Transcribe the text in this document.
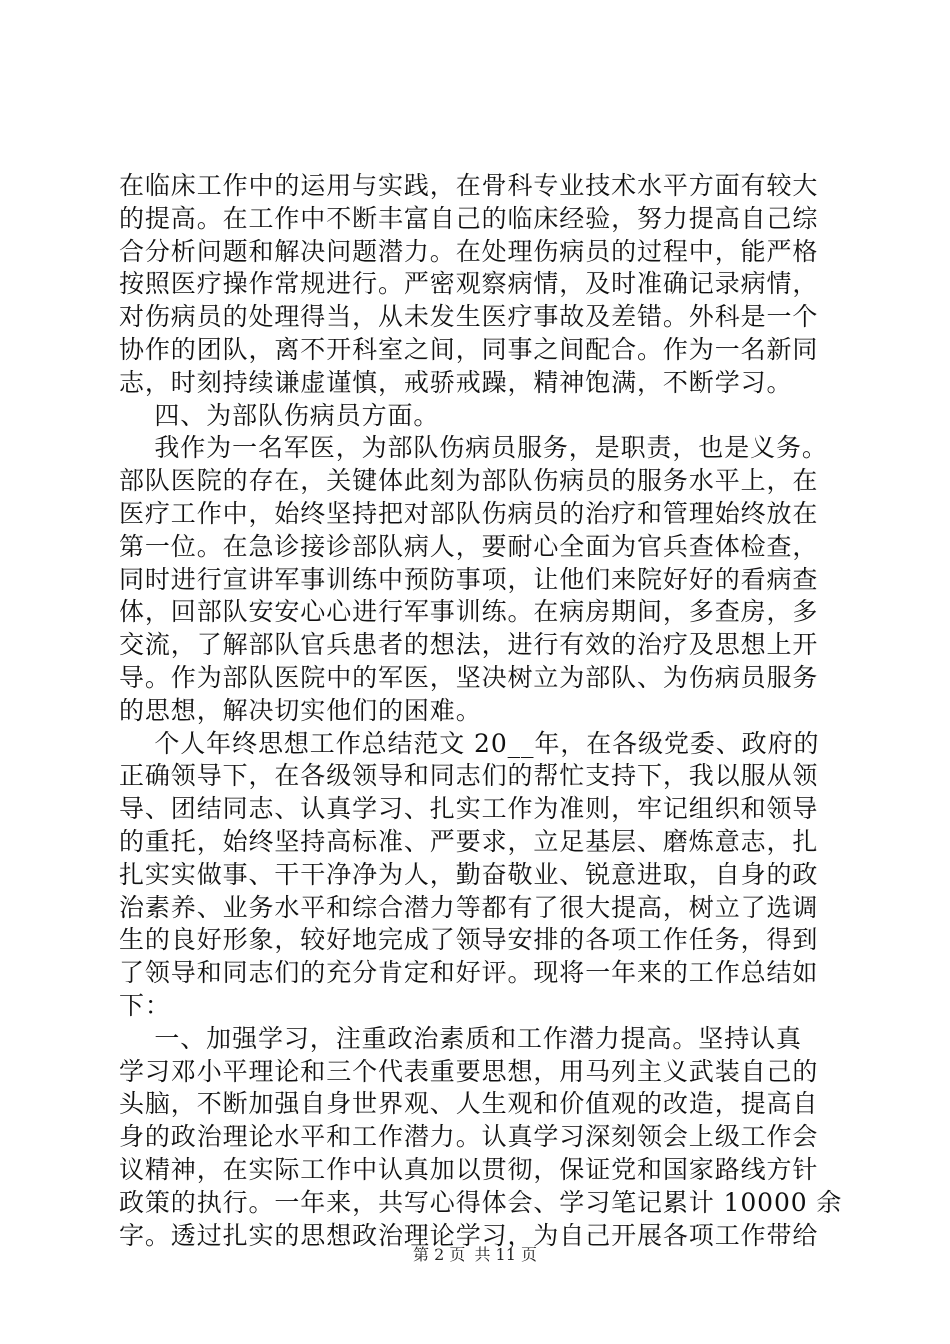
在临床工作中的运用与实践，在骨科专业技术水平方面有较大
的提高。在工作中不断丰富自己的临床经验，努力提高自己综
合分析问题和解决问题潜力。在处理伤病员的过程中，能严格
按照医疗操作常规进行。严密观察病情，及时准确记录病情，
对伤病员的处理得当，从未发生医疗事故及差错。外科是一个
协作的团队，离不开科室之间，同事之间配合。作为一名新同
志，时刻持续谦虚谨慎，戒骄戒躁，精神饱满，不断学习。
四、为部队伤病员方面。
我作为一名军医，为部队伤病员服务，是职责，也是义务。
部队医院的存在，关键体此刻为部队伤病员的服务水平上，在
医疗工作中，始终坚持把对部队伤病员的治疗和管理始终放在
第一位。在急诊接诊部队病人，要耐心全面为官兵查体检查，
同时进行宣讲军事训练中预防事项，让他们来院好好的看病查
体，回部队安安心心进行军事训练。在病房期间，多查房，多
交流，了解部队官兵患者的想法，进行有效的治疗及思想上开
导。作为部队医院中的军医，坚决树立为部队、为伤病员服务
的思想，解决切实他们的困难。
个人年终思想工作总结范文 20__年，在各级党委、政府的
正确领导下，在各级领导和同志们的帮忙支持下，我以服从领
导、团结同志、认真学习、扎实工作为准则，牢记组织和领导
的重托，始终坚持高标准、严要求，立足基层、磨炼意志，扎
扎实实做事、干干净净为人，勤奋敬业、锐意进取，自身的政
治素养、业务水平和综合潜力等都有了很大提高，树立了选调
生的良好形象，较好地完成了领导安排的各项工作任务，得到
了领导和同志们的充分肯定和好评。现将一年来的工作总结如
下：
一、加强学习，注重政治素质和工作潜力提高。坚持认真
学习邓小平理论和三个代表重要思想，用马列主义武装自己的
头脑，不断加强自身世界观、人生观和价值观的改造，提高自
身的政治理论水平和工作潜力。认真学习深刻领会上级工作会
议精神，在实际工作中认真加以贯彻，保证党和国家路线方针
政策的执行。一年来，共写心得体会、学习笔记累计 10000 余
字。透过扎实的思想政治理论学习，为自己开展各项工作带给
第 2 页 共 11 页
